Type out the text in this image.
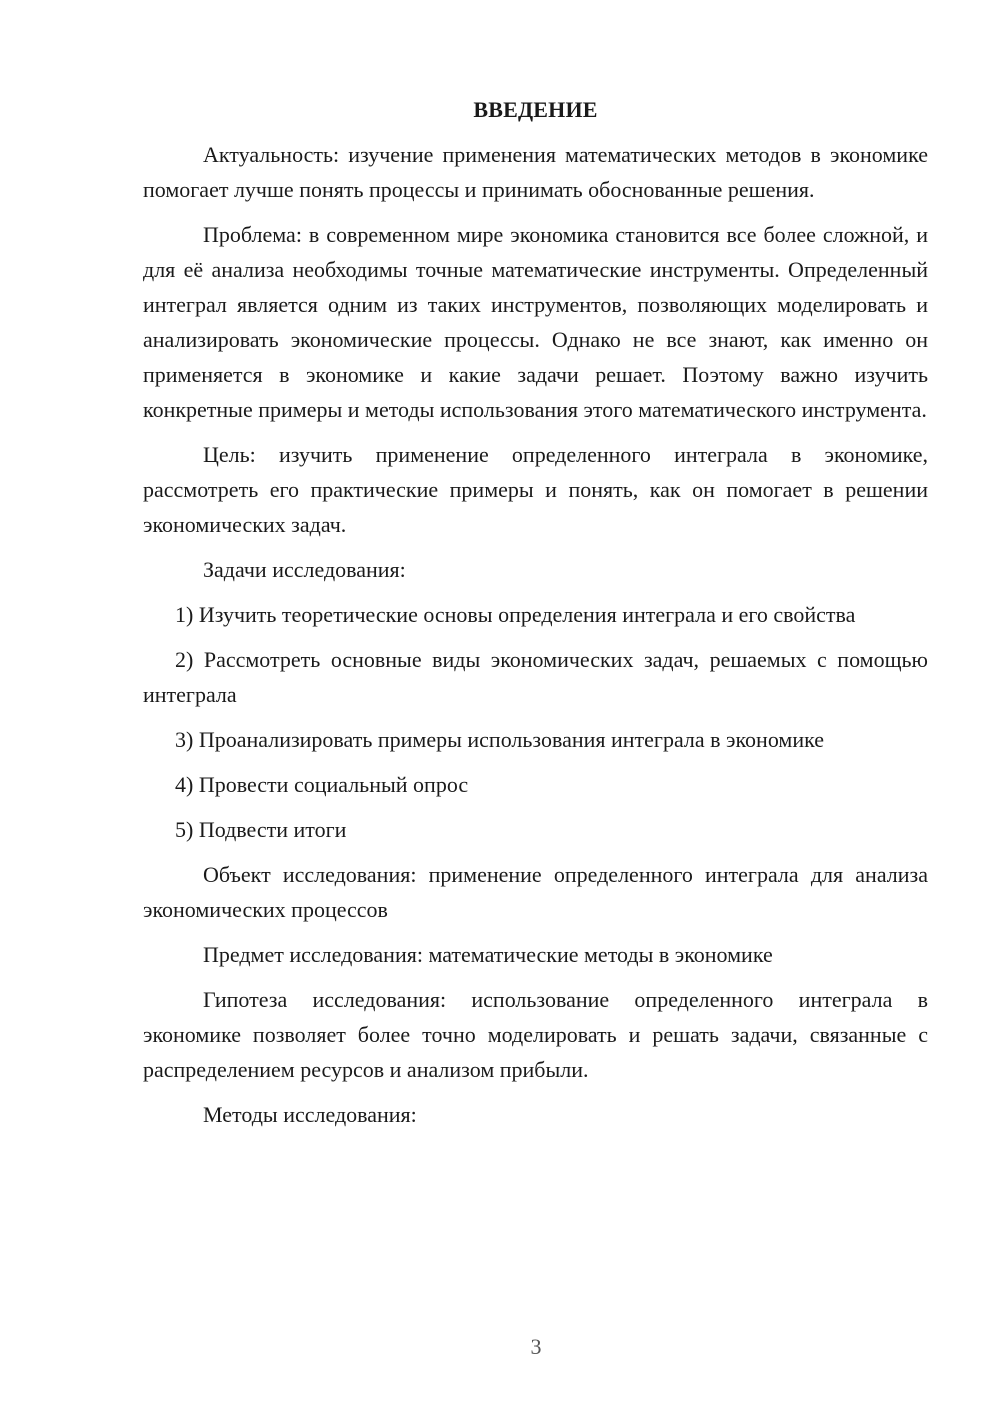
ВВЕДЕНИЕ

Актуальность: изучение применения математических методов в экономике помогает лучше понять процессы и принимать обоснованные решения.

Проблема: в современном мире экономика становится все более сложной, и для её анализа необходимы точные математические инструменты. Определенный интеграл является одним из таких инструментов, позволяющих моделировать и анализировать экономические процессы. Однако не все знают, как именно он применяется в экономике и какие задачи решает. Поэтому важно изучить конкретные примеры и методы использования этого математического инструмента.

Цель: изучить применение определенного интеграла в экономике, рассмотреть его практические примеры и понять, как он помогает в решении экономических задач.

Задачи исследования:

1) Изучить теоретические основы определения интеграла и его свойства

2) Рассмотреть основные виды экономических задач, решаемых с помощью интеграла

3) Проанализировать примеры использования интеграла в экономике

4) Провести социальный опрос

5) Подвести итоги

Объект исследования: применение определенного интеграла для анализа экономических процессов

Предмет исследования: математические методы в экономике

Гипотеза исследования: использование определенного интеграла в экономике позволяет более точно моделировать и решать задачи, связанные с распределением ресурсов и анализом прибыли.

Методы исследования:

3
